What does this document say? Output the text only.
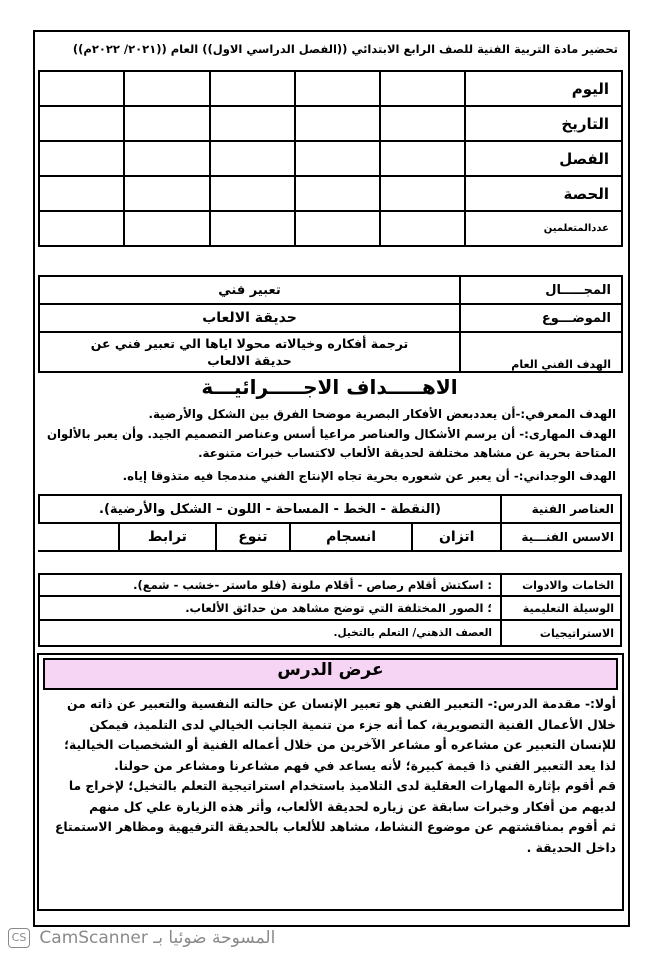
تحضير مادة التربية الفنية للصف الرابع الابتدائي ((الفصل الدراسي الاول)) العام ((٢٠٢١/ ٢٠٢٢م))
اليوم					
التاريخ					
الفصل					
الحصة					
عددالمتعلمين					
المجـــــال	تعبير فني
الموضـــوع	حديقة الالعاب
الهدف الفني العام	ترجمة أفكاره وخيالاته محولا اياها الي تعبير فني عن حديقة الالعاب
الاهـــــداف الاجـــــرائيـــة
الهدف المعرفي:-أن يعددبعض الأفكار البصرية موضحا الفرق بين الشكل والأرضية.
الهدف المهارى:- أن يرسم الأشكال والعناصر مراعيا أسس وعناصر التصميم الجيد. وأن يعبر بالألوان المتاحة بحرية عن مشاهد مختلفة لحديقة الألعاب لاكتساب خبرات متنوعة.
الهدف الوجداني:- أن يعبر عن شعوره بحرية تجاه الإنتاج الفني مندمجا فيه متذوقا إياه.
العناصر الفنية	(النقطة - الخط - المساحة - اللون – الشكل والأرضية).
الاسس الفنـــية	اتزان	انسجام	تنوع	ترابط	
الخامات والادوات	: اسكتش أقلام رصاص - أقلام ملونة (فلو ماستر -خشب - شمع).
الوسيلة التعليمية	؛ الصور المختلفة التي توضح مشاهد من حدائق الألعاب.
الاستراتيجيات	العصف الذهني/ التعلم بالتخيل.
عرض الدرس
أولا:- مقدمة الدرس:- التعبير الفني هو تعبير الإنسان عن حالته النفسية والتعبير عن ذاته من خلال الأعمال الفنية التصويرية، كما أنه جزء من تنمية الجانب الخيالي لدى التلميذ، فيمكن للإنسان التعبير عن مشاعره أو مشاعر الآخرين من خلال أعماله الفنية أو الشخصيات الخيالية؛ لذا يعد التعبير الفني ذا قيمة كبيرة؛ لأنه يساعد في فهم مشاعرنا ومشاعر من حولنا.
قم أقوم بإثارة المهارات العقلية لدى التلاميذ باستخدام استراتيجية التعلم بالتخيل؛ لإخراج ما لديهم من أفكار وخبرات سابقة عن زياره لحديقة الألعاب، وأثر هذه الزيارة علي كل منهم
ثم أقوم بمناقشتهم عن موضوع النشاط، مشاهد للألعاب بالحديقة الترفيهية ومظاهر الاستمتاع داخل الحديقة .
CS CamScanner المسوحة ضوئيا بـ
